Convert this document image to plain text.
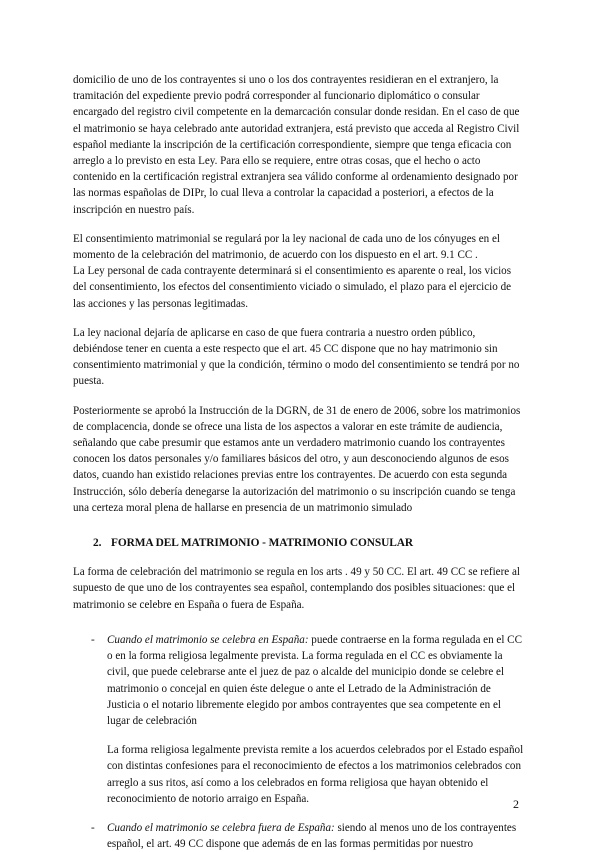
domicilio de uno de los contrayentes si uno o los dos contrayentes residieran en el extranjero, la tramitación del expediente previo podrá corresponder al funcionario diplomático o consular encargado del registro civil competente en la demarcación consular donde residan. En el caso de que el matrimonio se haya celebrado ante autoridad extranjera, está previsto que acceda al Registro Civil español mediante la inscripción de la certificación correspondiente, siempre que tenga eficacia con arreglo a lo previsto en esta Ley. Para ello se requiere, entre otras cosas, que el hecho o acto contenido en la certificación registral extranjera sea válido conforme al ordenamiento designado por las normas españolas de DIPr, lo cual lleva a controlar la capacidad a posteriori, a efectos de la inscripción en nuestro país.

El consentimiento matrimonial se regulará por la ley nacional de cada uno de los cónyuges en el momento de la celebración del matrimonio, de acuerdo con los dispuesto en el art. 9.1 CC .

La Ley personal de cada contrayente determinará si el consentimiento es aparente o real, los vicios del consentimiento, los efectos del consentimiento viciado o simulado, el plazo para el ejercicio de las acciones y las personas legitimadas.

La ley nacional dejaría de aplicarse en caso de que fuera contraria a nuestro orden público, debiéndose tener en cuenta a este respecto que el art. 45 CC dispone que no hay matrimonio sin consentimiento matrimonial y que la condición, término o modo del consentimiento se tendrá por no puesta.

Posteriormente se aprobó la Instrucción de la DGRN, de 31 de enero de 2006, sobre los matrimonios de complacencia, donde se ofrece una lista de los aspectos a valorar en este trámite de audiencia, señalando que cabe presumir que estamos ante un verdadero matrimonio cuando los contrayentes conocen los datos personales y/o familiares básicos del otro, y aun desconociendo algunos de esos datos, cuando han existido relaciones previas entre los contrayentes. De acuerdo con esta segunda Instrucción, sólo debería denegarse la autorización del matrimonio o su inscripción cuando se tenga una certeza moral plena de hallarse en presencia de un matrimonio simulado

2. FORMA DEL MATRIMONIO - MATRIMONIO CONSULAR

La forma de celebración del matrimonio se regula en los arts . 49 y 50 CC. El art. 49 CC se refiere al supuesto de que uno de los contrayentes sea español, contemplando dos posibles situaciones: que el matrimonio se celebre en España o fuera de España.

- Cuando el matrimonio se celebra en España: puede contraerse en la forma regulada en el CC o en la forma religiosa legalmente prevista. La forma regulada en el CC es obviamente la civil, que puede celebrarse ante el juez de paz o alcalde del municipio donde se celebre el matrimonio o concejal en quien éste delegue o ante el Letrado de la Administración de Justicia o el notario libremente elegido por ambos contrayentes que sea competente en el lugar de celebración

La forma religiosa legalmente prevista remite a los acuerdos celebrados por el Estado español con distintas confesiones para el reconocimiento de efectos a los matrimonios celebrados con arreglo a sus ritos, así como a los celebrados en forma religiosa que hayan obtenido el reconocimiento de notorio arraigo en España.

- Cuando el matrimonio se celebra fuera de España: siendo al menos uno de los contrayentes español, el art. 49 CC dispone que además de en las formas permitidas por nuestro

2
